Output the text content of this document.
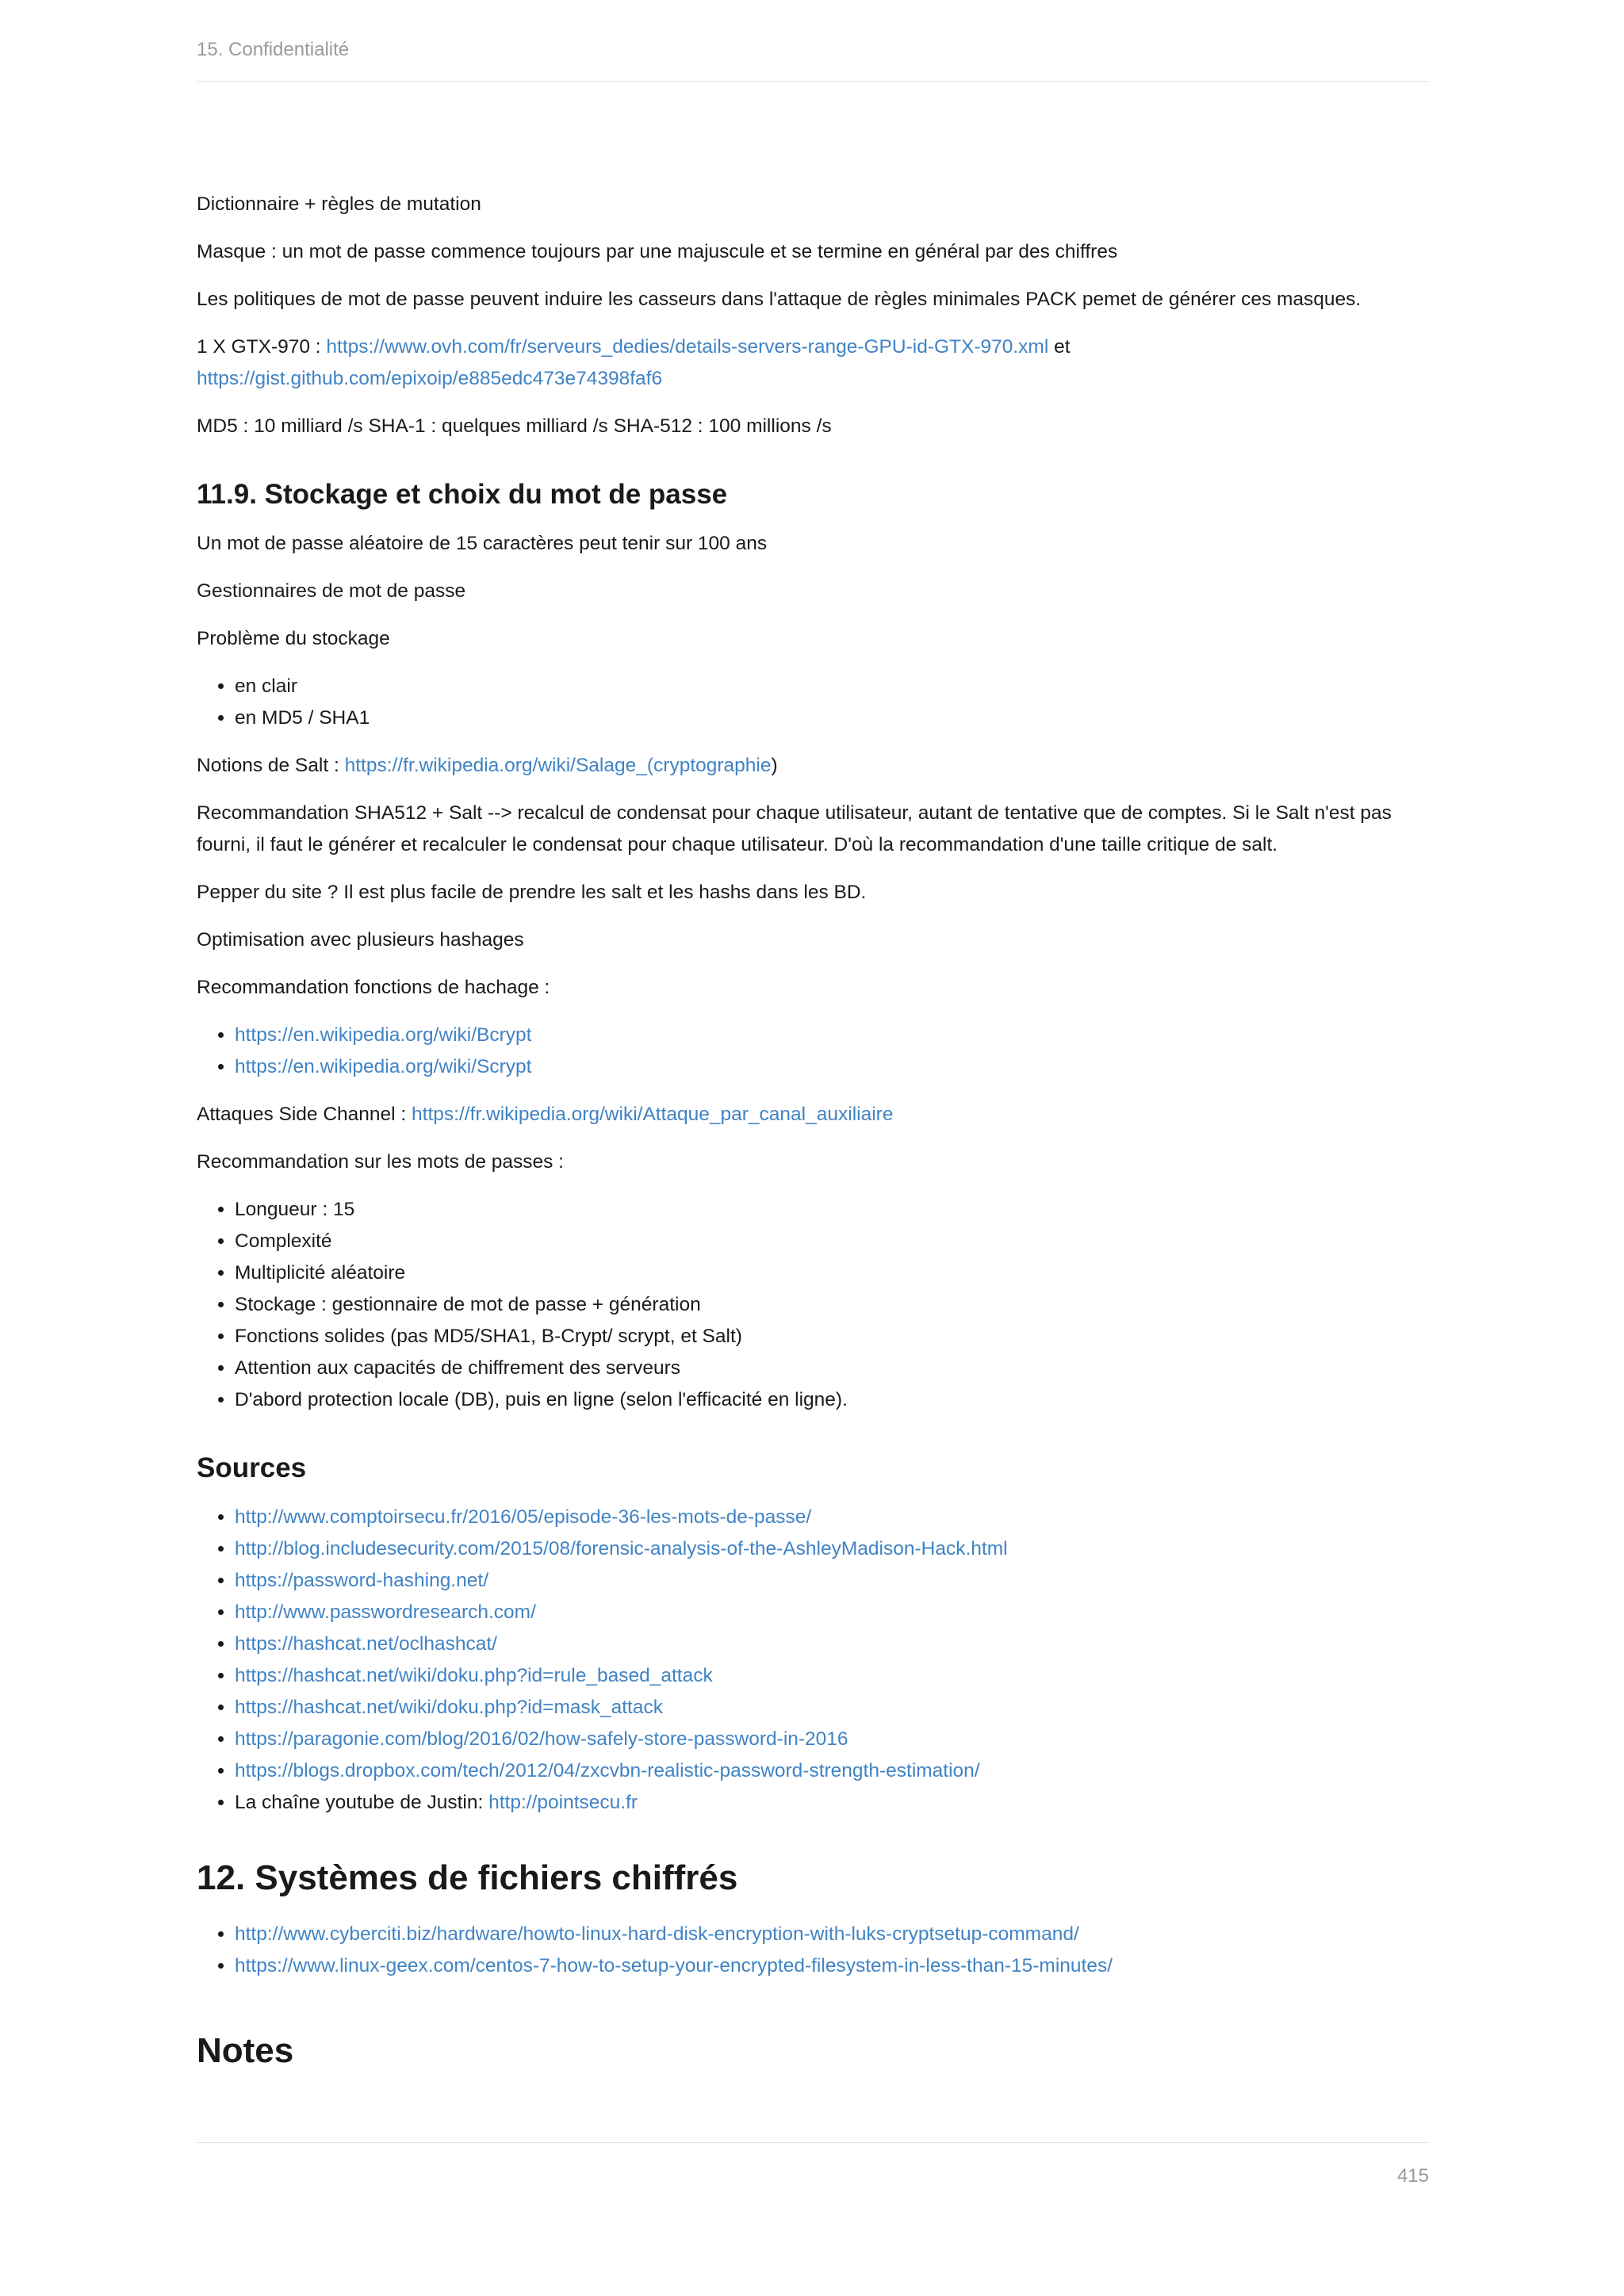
15. Confidentialité

Dictionnaire + règles de mutation

Masque : un mot de passe commence toujours par une majuscule et se termine en général par des chiffres

Les politiques de mot de passe peuvent induire les casseurs dans l'attaque de règles minimales PACK pemet de générer ces masques.

1 X GTX-970 : https://www.ovh.com/fr/serveurs_dedies/details-servers-range-GPU-id-GTX-970.xml et https://gist.github.com/epixoip/e885edc473e74398faf6

MD5 : 10 milliard /s SHA-1 : quelques milliard /s SHA-512 : 100 millions /s

11.9. Stockage et choix du mot de passe

Un mot de passe aléatoire de 15 caractères peut tenir sur 100 ans

Gestionnaires de mot de passe

Problème du stockage

• en clair
• en MD5 / SHA1

Notions de Salt : https://fr.wikipedia.org/wiki/Salage_(cryptographie)

Recommandation SHA512 + Salt --> recalcul de condensat pour chaque utilisateur, autant de tentative que de comptes. Si le Salt n'est pas fourni, il faut le générer et recalculer le condensat pour chaque utilisateur. D'où la recommandation d'une taille critique de salt.

Pepper du site ? Il est plus facile de prendre les salt et les hashs dans les BD.

Optimisation avec plusieurs hashages

Recommandation fonctions de hachage :

• https://en.wikipedia.org/wiki/Bcrypt
• https://en.wikipedia.org/wiki/Scrypt

Attaques Side Channel : https://fr.wikipedia.org/wiki/Attaque_par_canal_auxiliaire

Recommandation sur les mots de passes :

• Longueur : 15
• Complexité
• Multiplicité aléatoire
• Stockage : gestionnaire de mot de passe + génération
• Fonctions solides (pas MD5/SHA1, B-Crypt/ scrypt, et Salt)
• Attention aux capacités de chiffrement des serveurs
• D'abord protection locale (DB), puis en ligne (selon l'efficacité en ligne).
Sources
• http://www.comptoirsecu.fr/2016/05/episode-36-les-mots-de-passe/
• http://blog.includesecurity.com/2015/08/forensic-analysis-of-the-AshleyMadison-Hack.html
• https://password-hashing.net/
• http://www.passwordresearch.com/
• https://hashcat.net/oclhashcat/
• https://hashcat.net/wiki/doku.php?id=rule_based_attack
• https://hashcat.net/wiki/doku.php?id=mask_attack
• https://paragonie.com/blog/2016/02/how-safely-store-password-in-2016
• https://blogs.dropbox.com/tech/2012/04/zxcvbn-realistic-password-strength-estimation/
• La chaîne youtube de Justin: http://pointsecu.fr
12. Systèmes de fichiers chiffrés
• http://www.cyberciti.biz/hardware/howto-linux-hard-disk-encryption-with-luks-cryptsetup-command/
• https://www.linux-geex.com/centos-7-how-to-setup-your-encrypted-filesystem-in-less-than-15-minutes/
Notes
415
